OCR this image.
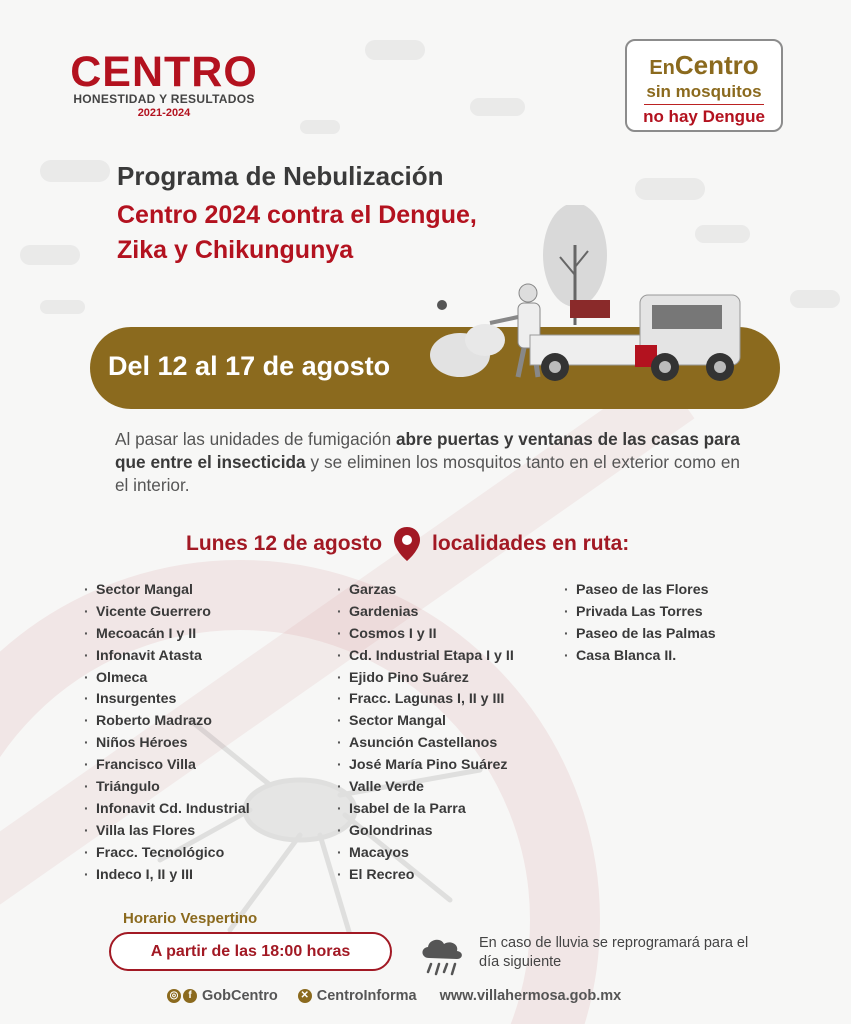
CENTRO
HONESTIDAD Y RESULTADOS
2021-2024
EnCentro
sin mosquitos
no hay Dengue
Programa de Nebulización
Centro 2024 contra el Dengue,
Zika y Chikungunya
Del 12 al 17 de agosto

Al pasar las unidades de fumigación abre puertas y ventanas de las casas para que entre el insecticida y se eliminen los mosquitos tanto en el exterior como en el interior.

Lunes 12 de agosto localidades en ruta:
· Sector Mangal
· Vicente Guerrero
· Mecoacán I y II
· Infonavit Atasta
· Olmeca
· Insurgentes
· Roberto Madrazo
· Niños Héroes
· Francisco Villa
· Triángulo
· Infonavit Cd. Industrial
· Villa las Flores
· Fracc. Tecnológico
· Indeco I, II y III
· Garzas
· Gardenias
· Cosmos I y II
· Cd. Industrial Etapa I y II
· Ejido Pino Suárez
· Fracc. Lagunas I, II y III
· Sector Mangal
· Asunción Castellanos
· José María Pino Suárez
· Valle Verde
· Isabel de la Parra
· Golondrinas
· Macayos
· El Recreo
· Paseo de las Flores
· Privada Las Torres
· Paseo de las Palmas
· Casa Blanca II.
Horario Vespertino
A partir de las 18:00 horas	En caso de lluvia se reprogramará para el día siguiente
◎ f GobCentro ✕ CentroInforma www.villahermosa.gob.mx
